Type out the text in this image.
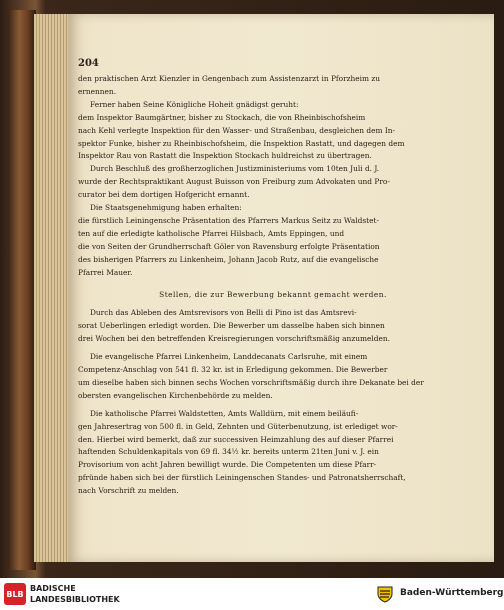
204
den praktischen Arzt Kienzler in Gengenbach zum Assistenzarzt in Pforzheim zu
ernennen.
Ferner haben Seine Königliche Hoheit gnädigst geruht:
dem Inspektor Baumgärtner, bisher zu Stockach, die von Rheinbischofsheim
nach Kehl verlegte Inspektion für den Wasser- und Straßenbau, desgleichen dem In-
spektor Funke, bisher zu Rheinbischofsheim, die Inspektion Rastatt, und dagegen dem
Inspektor Rau von Rastatt die Inspektion Stockach huldreichst zu übertragen.
Durch Beschluß des großherzoglichen Justizministeriums vom 10ten Juli d. J.
wurde der Rechtspraktikant August Buisson von Freiburg zum Advokaten und Pro-
curator bei dem dortigen Hofgericht ernannt.
Die Staatsgenehmigung haben erhalten:
die fürstlich Leiningensche Präsentation des Pfarrers Markus Seitz zu Waldstet-
ten auf die erledigte katholische Pfarrei Hilsbach, Amts Eppingen, und
die von Seiten der Grundherrschaft Göler von Ravensburg erfolgte Präsentation
des bisherigen Pfarrers zu Linkenheim, Johann Jacob Rutz, auf die evangelische
Pfarrei Mauer.
Stellen, die zur Bewerbung bekannt gemacht werden.
Durch das Ableben des Amtsrevisors von Belli di Pino ist das Amtsrevi-
sorat Ueberlingen erledigt worden. Die Bewerber um dasselbe haben sich binnen
drei Wochen bei den betreffenden Kreisregierungen vorschriftsmäßig anzumelden.
Die evangelische Pfarrei Linkenheim, Landdecanats Carlsruhe, mit einem
Competenz-Anschlag von 541 fl. 32 kr. ist in Erledigung gekommen. Die Bewerber
um dieselbe haben sich binnen sechs Wochen vorschriftsmäßig durch ihre Dekanate bei der
obersten evangelischen Kirchenbehörde zu melden.
Die katholische Pfarrei Waldstetten, Amts Walldürn, mit einem beiläufi-
gen Jahresertrag von 500 fl. in Geld, Zehnten und Güterbenutzung, ist erlediget wor-
den. Hierbei wird bemerkt, daß zur successiven Heimzahlung des auf dieser Pfarrei
haftenden Schuldenkapitals von 69 fl. 34½ kr. bereits unterm 21ten Juni v. J. ein
Provisorium von acht Jahren bewilligt wurde. Die Competenten um diese Pfarr-
pfründe haben sich bei der fürstlich Leiningenschen Standes- und Patronatsherrschaft,
nach Vorschrift zu melden.
BLB
BADISCHE
LANDESBIBLIOTHEK
Baden-Württemberg
